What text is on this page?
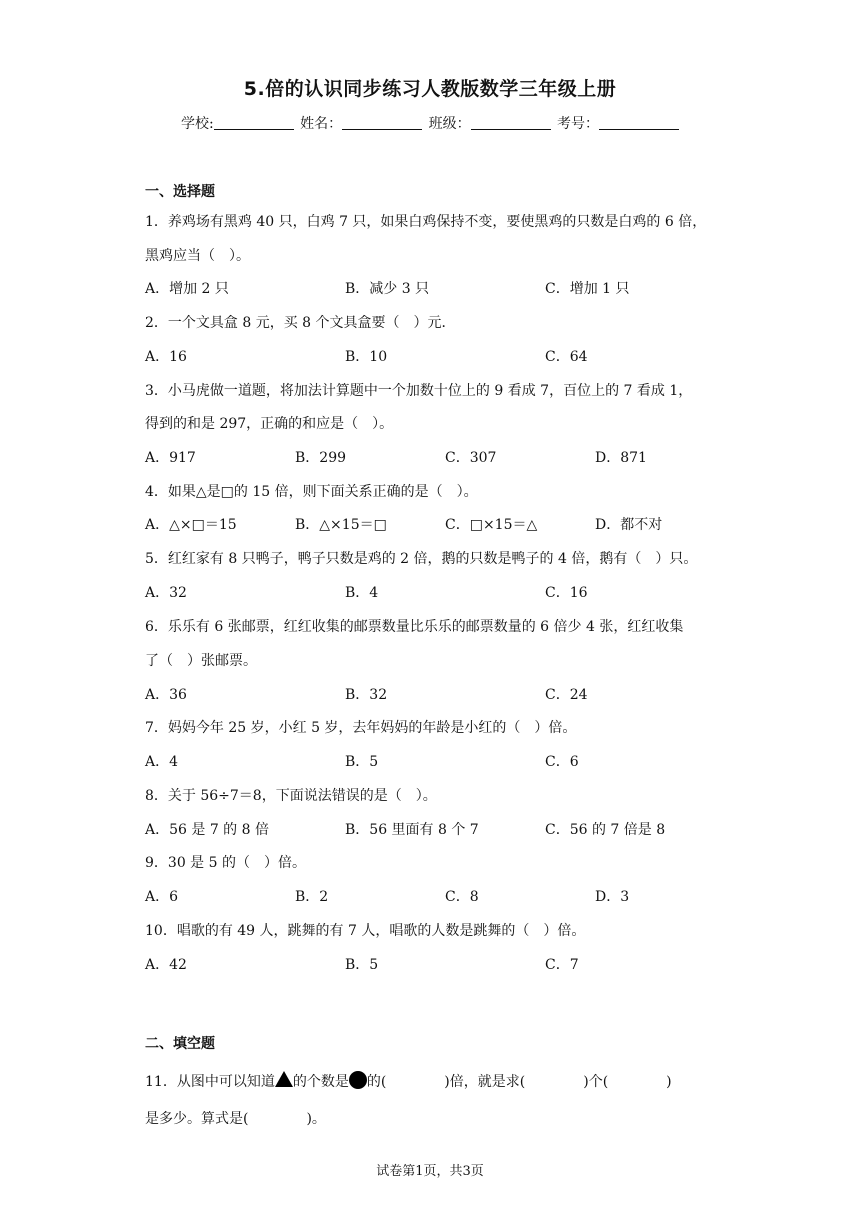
5.倍的认识同步练习人教版数学三年级上册
学校:	姓名：	班级：	考号：
一、选择题
1．养鸡场有黑鸡 40 只，白鸡 7 只，如果白鸡保持不变，要使黑鸡的只数是白鸡的 6 倍，
黑鸡应当（　）。
A．增加 2 只	B．减少 3 只	C．增加 1 只
2．一个文具盒 8 元，买 8 个文具盒要（　）元．
A．16	B．10	C．64
3．小马虎做一道题，将加法计算题中一个加数十位上的 9 看成 7，百位上的 7 看成 1，
得到的和是 297，正确的和应是（　）。
A．917	B．299	C．307	D．871
4．如果△是□的 15 倍，则下面关系正确的是（　）。
A．△×□＝15	B．△×15＝□	C．□×15＝△	D．都不对
5．红红家有 8 只鸭子，鸭子只数是鸡的 2 倍，鹅的只数是鸭子的 4 倍，鹅有（　）只。
A．32	B．4	C．16
6．乐乐有 6 张邮票，红红收集的邮票数量比乐乐的邮票数量的 6 倍少 4 张，红红收集
了（　）张邮票。
A．36	B．32	C．24
7．妈妈今年 25 岁，小红 5 岁，去年妈妈的年龄是小红的（　）倍。
A．4	B．5	C．6
8．关于 56÷7＝8，下面说法错误的是（　）。
A．56 是 7 的 8 倍	B．56 里面有 8 个 7	C．56 的 7 倍是 8
9．30 是 5 的（　）倍。
A．6	B．2	C．8	D．3
10．唱歌的有 49 人，跳舞的有 7 人，唱歌的人数是跳舞的（　）倍。
A．42	B．5	C．7
二、填空题
11．从图中可以知道 的个数是 的(	)倍，就是求(	)个(	)
是多少。算式是(	)。
试卷第1页，共3页
